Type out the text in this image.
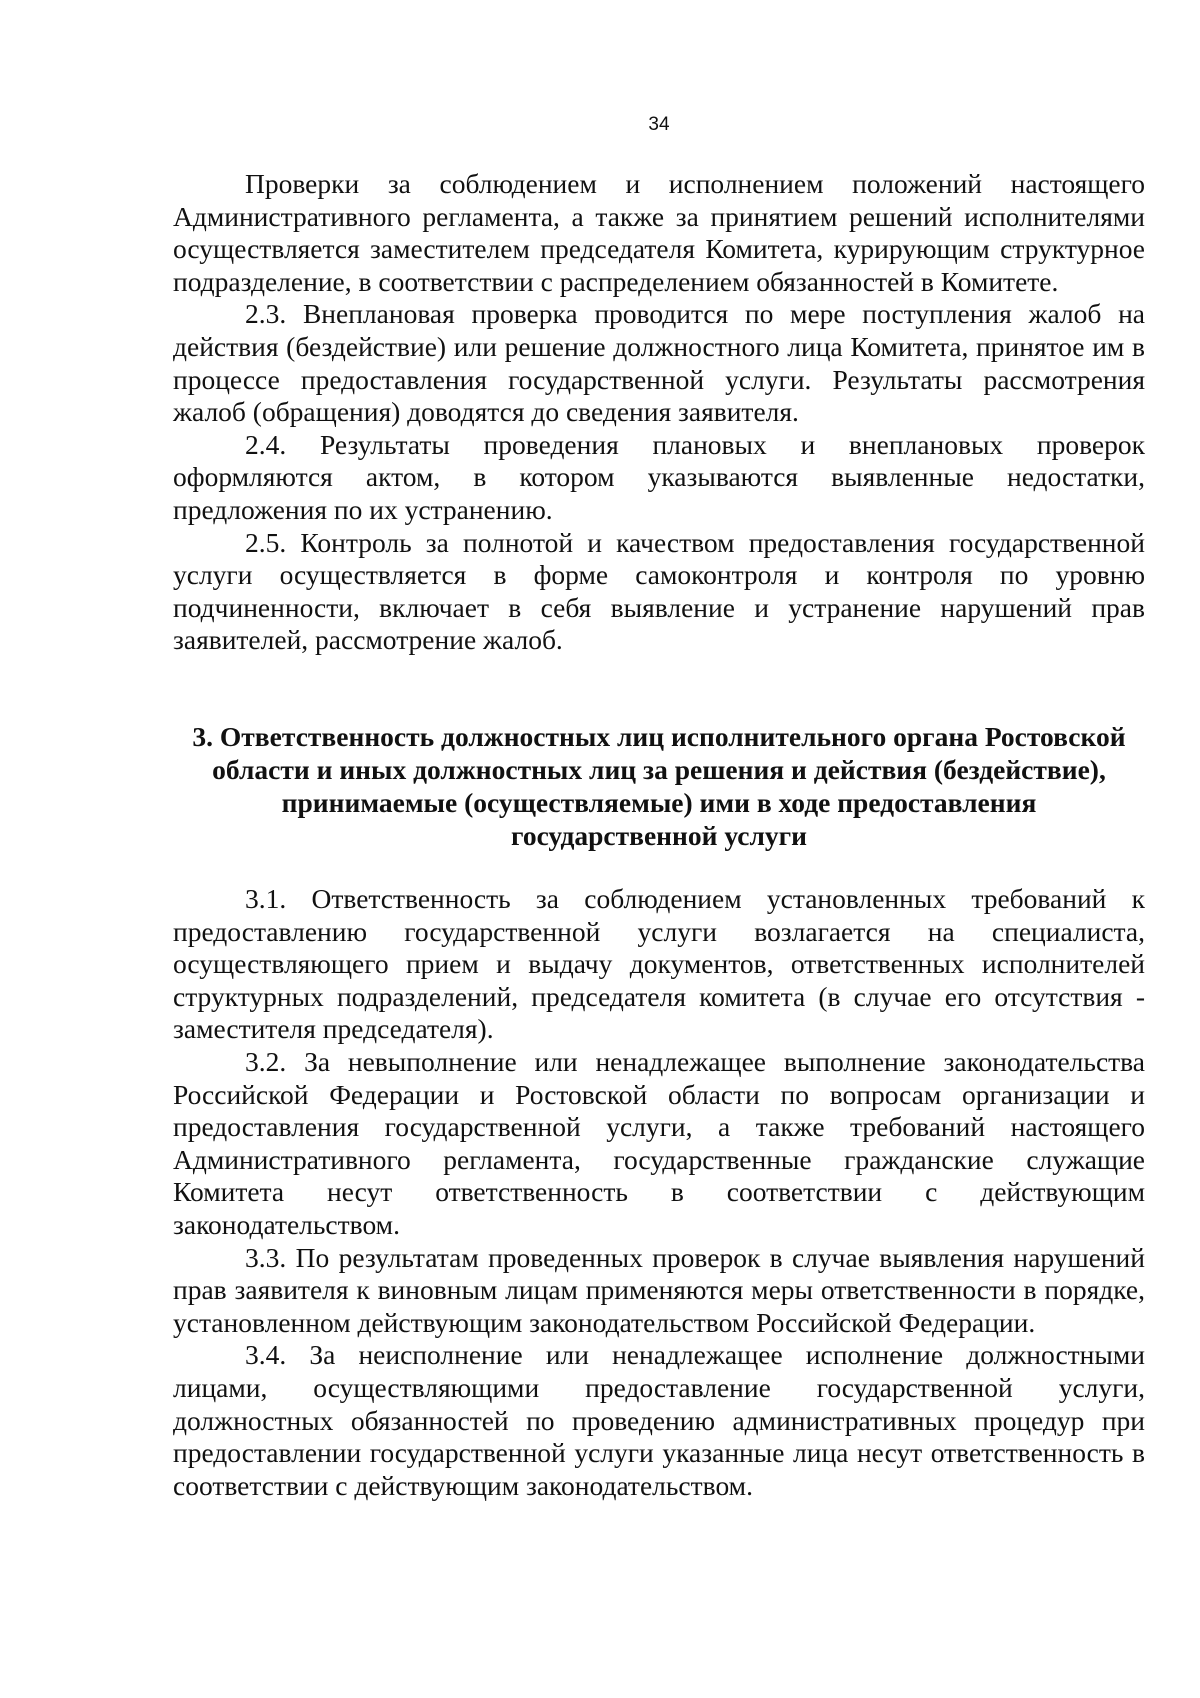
34

Проверки за соблюдением и исполнением положений настоящего Административного регламента, а также за принятием решений исполнителями осуществляется заместителем председателя Комитета, курирующим структурное подразделение, в соответствии с распределением обязанностей в Комитете.

2.3. Внеплановая проверка проводится по мере поступления жалоб на действия (бездействие) или решение должностного лица Комитета, принятое им в процессе предоставления государственной услуги. Результаты рассмотрения жалоб (обращения) доводятся до сведения заявителя.

2.4. Результаты проведения плановых и внеплановых проверок оформляются актом, в котором указываются выявленные недостатки, предложения по их устранению.

2.5. Контроль за полнотой и качеством предоставления государственной услуги осуществляется в форме самоконтроля и контроля по уровню подчиненности, включает в себя выявление и устранение нарушений прав заявителей, рассмотрение жалоб.

3. Ответственность должностных лиц исполнительного органа Ростовской
области и иных должностных лиц за решения и действия (бездействие),
принимаемые (осуществляемые) ими в ходе предоставления
государственной услуги

3.1. Ответственность за соблюдением установленных требований к предоставлению государственной услуги возлагается на специалиста, осуществляющего прием и выдачу документов, ответственных исполнителей структурных подразделений, председателя комитета (в случае его отсутствия - заместителя председателя).

3.2. За невыполнение или ненадлежащее выполнение законодательства Российской Федерации и Ростовской области по вопросам организации и предоставления государственной услуги, а также требований настоящего Административного регламента, государственные гражданские служащие Комитета несут ответственность в соответствии с действующим законодательством.

3.3. По результатам проведенных проверок в случае выявления нарушений прав заявителя к виновным лицам применяются меры ответственности в порядке, установленном действующим законодательством Российской Федерации.

3.4. За неисполнение или ненадлежащее исполнение должностными лицами, осуществляющими предоставление государственной услуги, должностных обязанностей по проведению административных процедур при предоставлении государственной услуги указанные лица несут ответственность в соответствии с действующим законодательством.
